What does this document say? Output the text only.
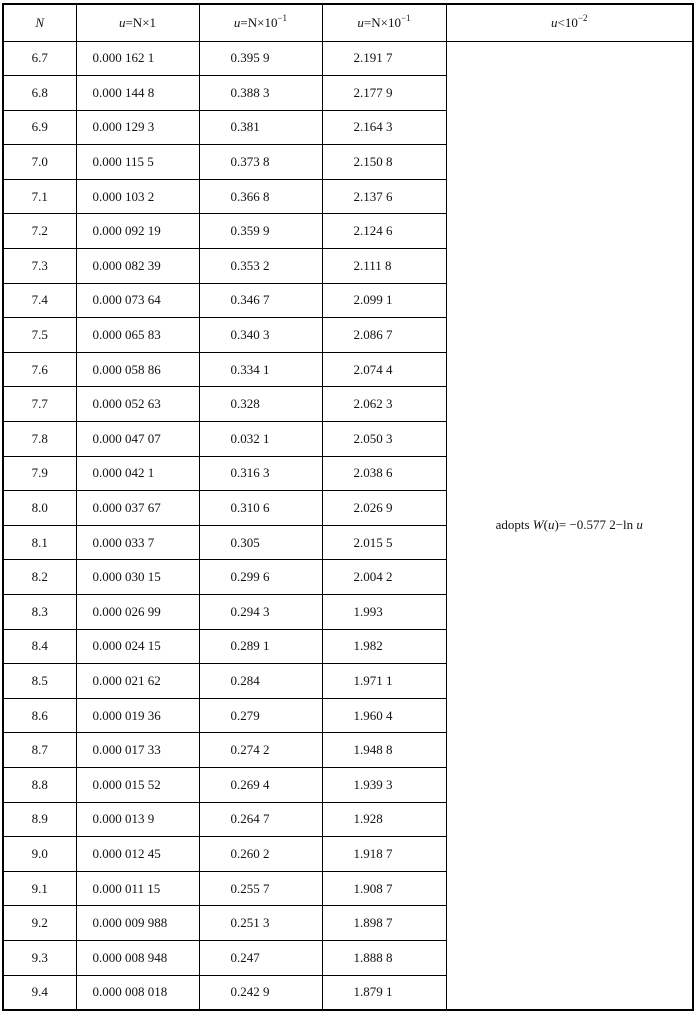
N	u=N×1	$u=N\times 10^{-1}$	$u=N\times 10^{-1}$	$u<10^{-2}$
6.7	0.000 162 1	0.395 9	2.191 7	adopts W(u)= −0.577 2−ln u
6.8	0.000 144 8	0.388 3	2.177 9	
6.9	0.000 129 3	0.381	2.164 3	
7.0	0.000 115 5	0.373 8	2.150 8	
7.1	0.000 103 2	0.366 8	2.137 6	
7.2	0.000 092 19	0.359 9	2.124 6	
7.3	0.000 082 39	0.353 2	2.111 8	
7.4	0.000 073 64	0.346 7	2.099 1	
7.5	0.000 065 83	0.340 3	2.086 7	
7.6	0.000 058 86	0.334 1	2.074 4	
7.7	0.000 052 63	0.328	2.062 3	
7.8	0.000 047 07	0.032 1	2.050 3	
7.9	0.000 042 1	0.316 3	2.038 6	
8.0	0.000 037 67	0.310 6	2.026 9	
8.1	0.000 033 7	0.305	2.015 5	
8.2	0.000 030 15	0.299 6	2.004 2	
8.3	0.000 026 99	0.294 3	1.993	
8.4	0.000 024 15	0.289 1	1.982	
8.5	0.000 021 62	0.284	1.971 1	
8.6	0.000 019 36	0.279	1.960 4	
8.7	0.000 017 33	0.274 2	1.948 8	
8.8	0.000 015 52	0.269 4	1.939 3	
8.9	0.000 013 9	0.264 7	1.928	
9.0	0.000 012 45	0.260 2	1.918 7	
9.1	0.000 011 15	0.255 7	1.908 7	
9.2	0.000 009 988	0.251 3	1.898 7	
9.3	0.000 008 948	0.247	1.888 8	
9.4	0.000 008 018	0.242 9	1.879 1	
